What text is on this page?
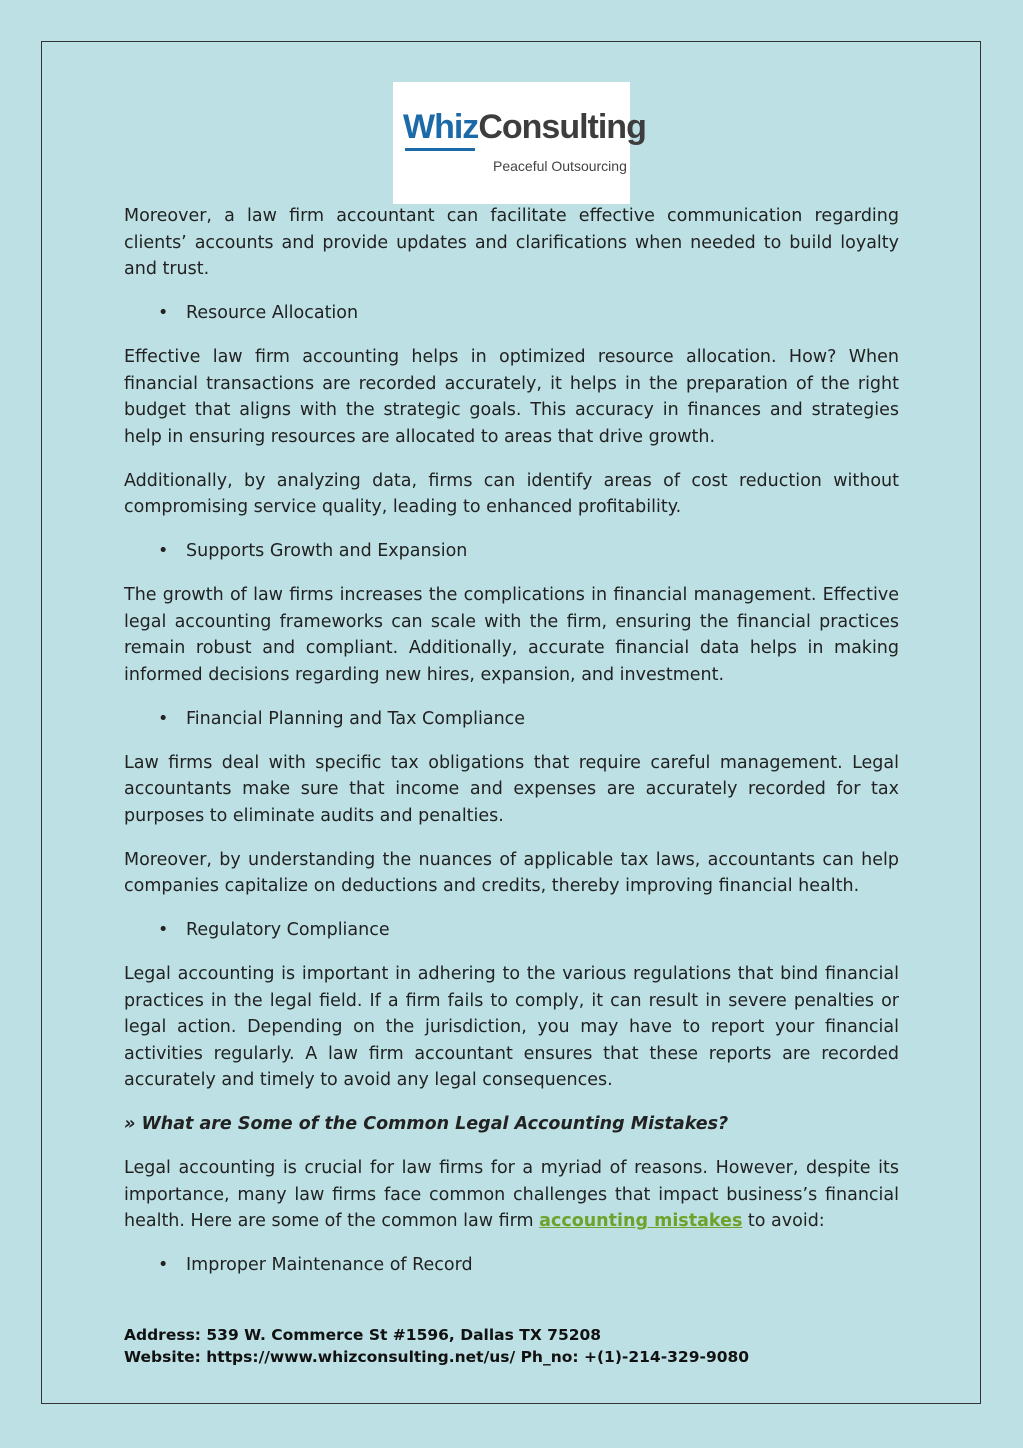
WhizConsulting
Peaceful Outsourcing

Moreover, a law firm accountant can facilitate effective communication regarding clients’ accounts and provide updates and clarifications when needed to build loyalty and trust.

• Resource Allocation

Effective law firm accounting helps in optimized resource allocation. How? When financial transactions are recorded accurately, it helps in the preparation of the right budget that aligns with the strategic goals. This accuracy in finances and strategies help in ensuring resources are allocated to areas that drive growth.

Additionally, by analyzing data, firms can identify areas of cost reduction without compromising service quality, leading to enhanced profitability.

• Supports Growth and Expansion

The growth of law firms increases the complications in financial management. Effective legal accounting frameworks can scale with the firm, ensuring the financial practices remain robust and compliant. Additionally, accurate financial data helps in making informed decisions regarding new hires, expansion, and investment.

• Financial Planning and Tax Compliance

Law firms deal with specific tax obligations that require careful management. Legal accountants make sure that income and expenses are accurately recorded for tax purposes to eliminate audits and penalties.

Moreover, by understanding the nuances of applicable tax laws, accountants can help companies capitalize on deductions and credits, thereby improving financial health.

• Regulatory Compliance

Legal accounting is important in adhering to the various regulations that bind financial practices in the legal field. If a firm fails to comply, it can result in severe penalties or legal action. Depending on the jurisdiction, you may have to report your financial activities regularly. A law firm accountant ensures that these reports are recorded accurately and timely to avoid any legal consequences.

» What are Some of the Common Legal Accounting Mistakes?

Legal accounting is crucial for law firms for a myriad of reasons. However, despite its importance, many law firms face common challenges that impact business’s financial health. Here are some of the common law firm accounting mistakes to avoid:

• Improper Maintenance of Record
Address: 539 W. Commerce St #1596, Dallas TX 75208
Website: https://www.whizconsulting.net/us/ Ph_no: +(1)-214-329-9080
